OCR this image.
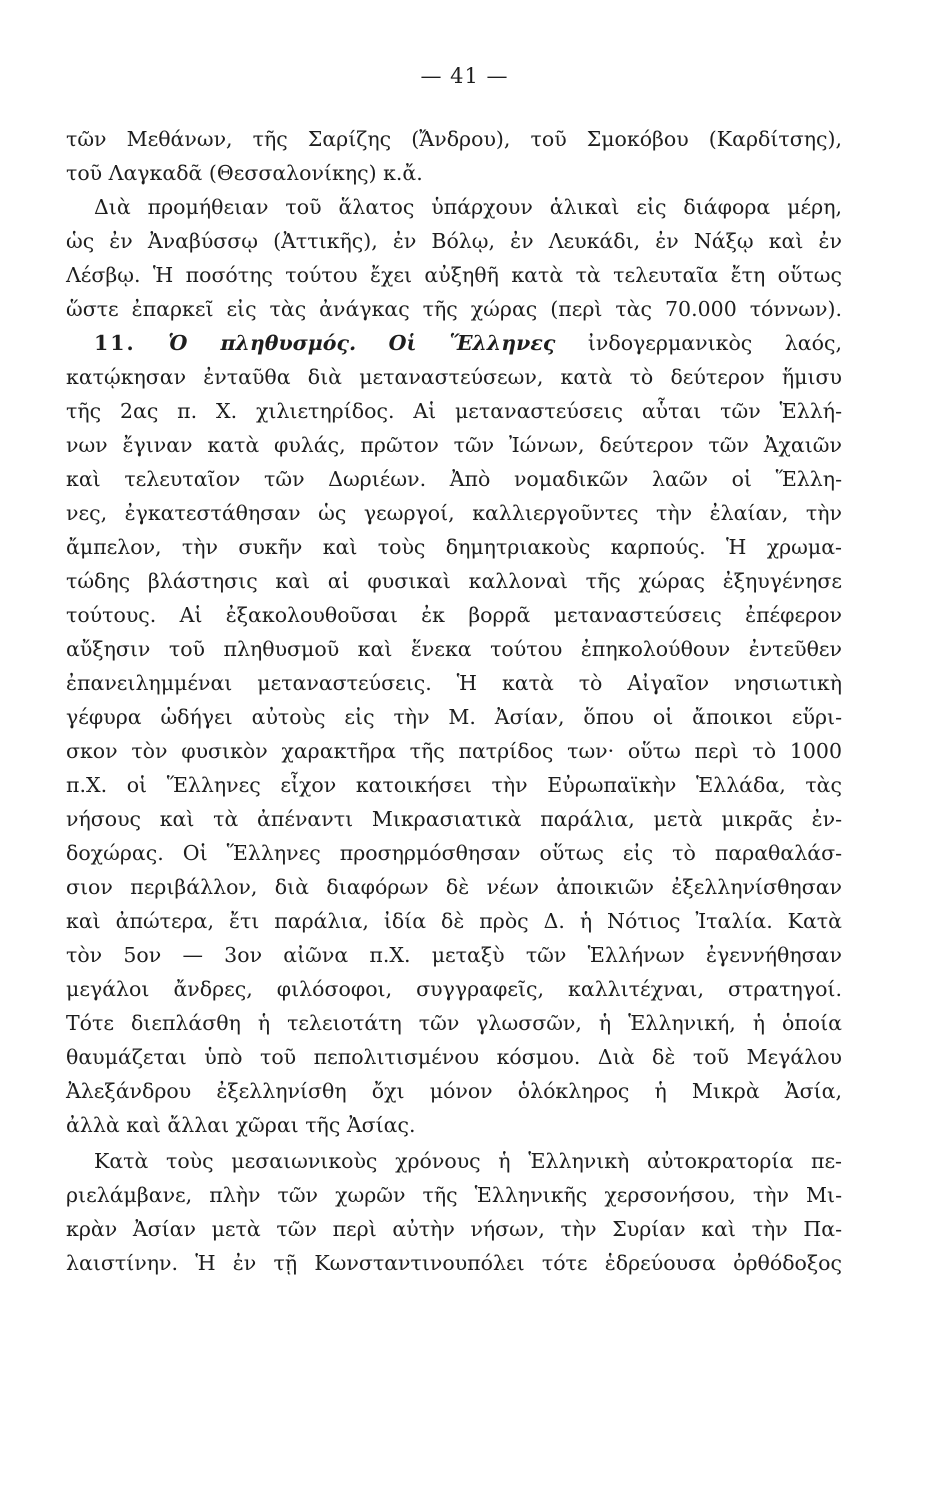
— 41 —
τῶν Μεθάνων, τῆς Σαρίζης (Ἄνδρου), τοῦ Σμοκόβου (Καρδίτσης),
τοῦ Λαγκαδᾶ (Θεσσαλονίκης) κ.ἄ.
Διὰ προμήθειαν τοῦ ἅλατος ὑπάρχουν ἁλικαὶ εἰς διάφορα μέρη,
ὡς ἐν Ἀναβύσσῳ (Ἀττικῆς), ἐν Βόλῳ, ἐν Λευκάδι, ἐν Νάξῳ καὶ ἐν
Λέσβῳ. Ἡ ποσότης τούτου ἔχει αὐξηθῆ κατὰ τὰ τελευταῖα ἔτη οὕτως
ὥστε ἐπαρκεῖ εἰς τὰς ἀνάγκας τῆς χώρας (περὶ τὰς 70.000 τόννων).
11. Ὁ πληθυσμός. Οἱ Ἕλληνες ἰνδογερμανικὸς λαός,
κατῴκησαν ἐνταῦθα διὰ μεταναστεύσεων, κατὰ τὸ δεύτερον ἥμισυ
τῆς 2ας π. Χ. χιλιετηρίδος. Αἱ μεταναστεύσεις αὗται τῶν Ἑλλή-
νων ἔγιναν κατὰ φυλάς, πρῶτον τῶν Ἰώνων, δεύτερον τῶν Ἀχαιῶν
καὶ τελευταῖον τῶν Δωριέων. Ἀπὸ νομαδικῶν λαῶν οἱ Ἕλλη-
νες, ἐγκατεστάθησαν ὡς γεωργοί, καλλιεργοῦντες τὴν ἐλαίαν, τὴν
ἄμπελον, τὴν συκῆν καὶ τοὺς δημητριακοὺς καρπούς. Ἡ χρωμα-
τώδης βλάστησις καὶ αἱ φυσικαὶ καλλοναὶ τῆς χώρας ἐξηυγένησε
τούτους. Αἱ ἐξακολουθοῦσαι ἐκ βορρᾶ μεταναστεύσεις ἐπέφερον
αὔξησιν τοῦ πληθυσμοῦ καὶ ἕνεκα τούτου ἐπηκολούθουν ἐντεῦθεν
ἐπανειλημμέναι μεταναστεύσεις. Ἡ κατὰ τὸ Αἰγαῖον νησιωτικὴ
γέφυρα ὡδήγει αὐτοὺς εἰς τὴν Μ. Ἀσίαν, ὅπου οἱ ἄποικοι εὕρι-
σκον τὸν φυσικὸν χαρακτῆρα τῆς πατρίδος των· οὕτω περὶ τὸ 1000
π.Χ. οἱ Ἕλληνες εἶχον κατοικήσει τὴν Εὐρωπαϊκὴν Ἑλλάδα, τὰς
νήσους καὶ τὰ ἀπέναντι Μικρασιατικὰ παράλια, μετὰ μικρᾶς ἐν-
δοχώρας. Οἱ Ἕλληνες προσηρμόσθησαν οὕτως εἰς τὸ παραθαλάσ-
σιον περιβάλλον, διὰ διαφόρων δὲ νέων ἀποικιῶν ἐξελληνίσθησαν
καὶ ἀπώτερα, ἔτι παράλια, ἰδία δὲ πρὸς Δ. ἡ Νότιος Ἰταλία. Κατὰ
τὸν 5ον — 3ον αἰῶνα π.Χ. μεταξὺ τῶν Ἑλλήνων ἐγεννήθησαν
μεγάλοι ἄνδρες, φιλόσοφοι, συγγραφεῖς, καλλιτέχναι, στρατηγοί.
Τότε διεπλάσθη ἡ τελειοτάτη τῶν γλωσσῶν, ἡ Ἑλληνική, ἡ ὁποία
θαυμάζεται ὑπὸ τοῦ πεπολιτισμένου κόσμου. Διὰ δὲ τοῦ Μεγάλου
Ἀλεξάνδρου ἐξελληνίσθη ὄχι μόνον ὁλόκληρος ἡ Μικρὰ Ἀσία,
ἀλλὰ καὶ ἄλλαι χῶραι τῆς Ἀσίας.
Κατὰ τοὺς μεσαιωνικοὺς χρόνους ἡ Ἑλληνικὴ αὐτοκρατορία πε-
ριελάμβανε, πλὴν τῶν χωρῶν τῆς Ἑλληνικῆς χερσονήσου, τὴν Μι-
κρὰν Ἀσίαν μετὰ τῶν περὶ αὐτὴν νήσων, τὴν Συρίαν καὶ τὴν Πα-
λαιστίνην. Ἡ ἐν τῇ Κωνσταντινουπόλει τότε ἑδρεύουσα ὀρθόδοξος
